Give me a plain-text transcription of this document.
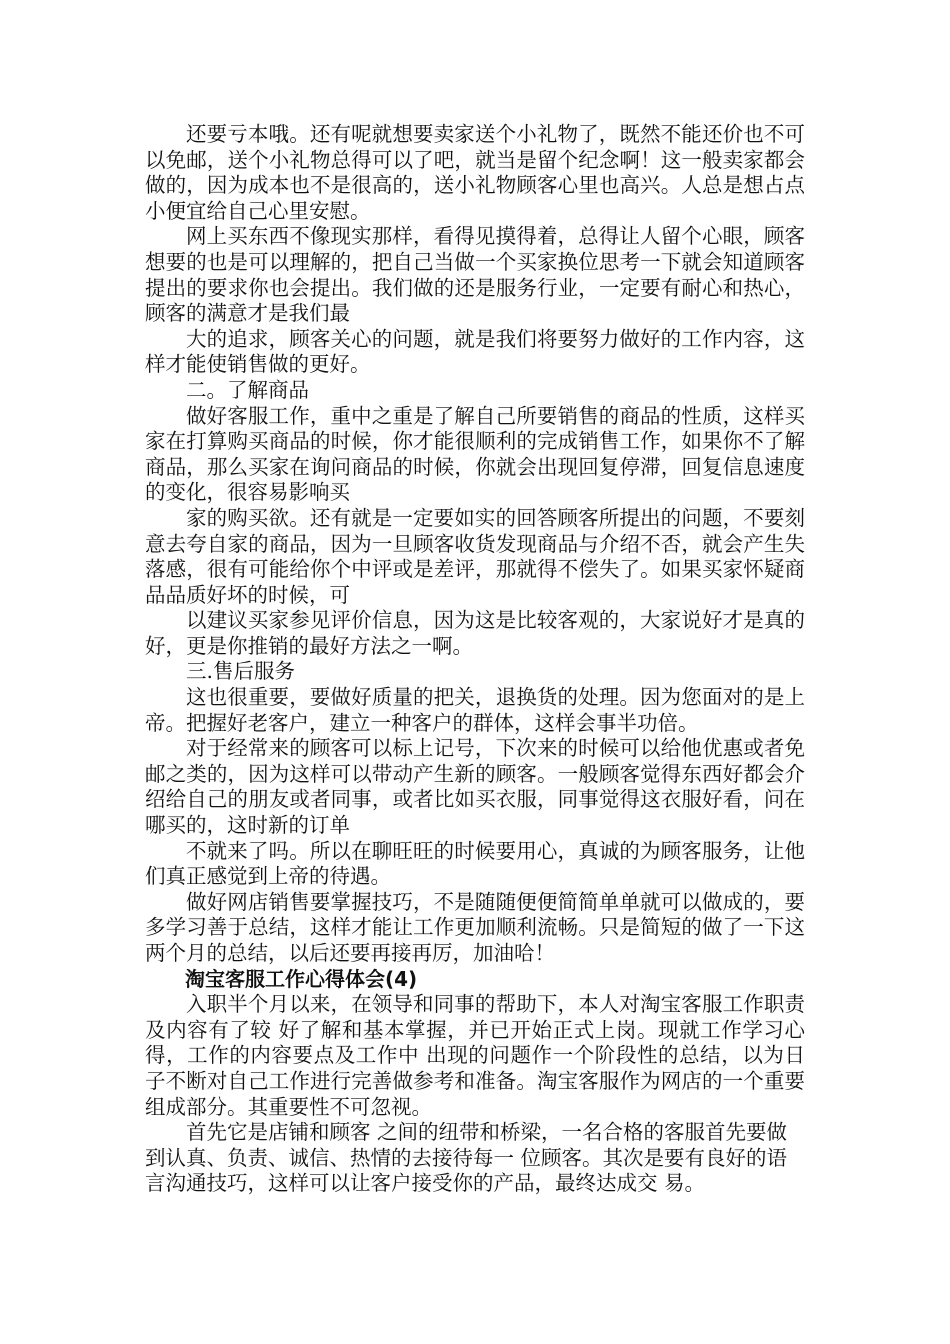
还要亏本哦。还有呢就想要卖家送个小礼物了，既然不能还价也不可以免邮，送个小礼物总得可以了吧，就当是留个纪念啊！这一般卖家都会做的，因为成本也不是很高的，送小礼物顾客心里也高兴。人总是想占点小便宜给自己心里安慰。

网上买东西不像现实那样，看得见摸得着，总得让人留个心眼，顾客想要的也是可以理解的，把自己当做一个买家换位思考一下就会知道顾客提出的要求你也会提出。我们做的还是服务行业，一定要有耐心和热心，顾客的满意才是我们最

大的追求，顾客关心的问题，就是我们将要努力做好的工作内容，这样才能使销售做的更好。

二。了解商品

做好客服工作，重中之重是了解自己所要销售的商品的性质，这样买家在打算购买商品的时候，你才能很顺利的完成销售工作，如果你不了解商品，那么买家在询问商品的时候，你就会出现回复停滞，回复信息速度的变化，很容易影响买

家的购买欲。还有就是一定要如实的回答顾客所提出的问题，不要刻意去夸自家的商品，因为一旦顾客收货发现商品与介绍不否，就会产生失落感，很有可能给你个中评或是差评，那就得不偿失了。如果买家怀疑商品品质好坏的时候，可

以建议买家参见评价信息，因为这是比较客观的，大家说好才是真的好，更是你推销的最好方法之一啊。

三.售后服务

这也很重要，要做好质量的把关，退换货的处理。因为您面对的是上帝。把握好老客户，建立一种客户的群体，这样会事半功倍。

对于经常来的顾客可以标上记号，下次来的时候可以给他优惠或者免邮之类的，因为这样可以带动产生新的顾客。一般顾客觉得东西好都会介绍给自己的朋友或者同事，或者比如买衣服，同事觉得这衣服好看，问在哪买的，这时新的订单

不就来了吗。所以在聊旺旺的时候要用心，真诚的为顾客服务，让他们真正感觉到上帝的待遇。

做好网店销售要掌握技巧，不是随随便便简简单单就可以做成的，要多学习善于总结，这样才能让工作更加顺利流畅。只是简短的做了一下这两个月的总结，以后还要再接再厉，加油哈！

淘宝客服工作心得体会(4)

入职半个月以来，在领导和同事的帮助下，本人对淘宝客服工作职责及内容有了较 好了解和基本掌握，并已开始正式上岗。现就工作学习心得，工作的内容要点及工作中 出现的问题作一个阶段性的总结，以为日子不断对自己工作进行完善做参考和准备。淘宝客服作为网店的一个重要组成部分。其重要性不可忽视。

首先它是店铺和顾客 之间的纽带和桥梁，一名合格的客服首先要做到认真、负责、诚信、热情的去接待每一 位顾客。其次是要有良好的语言沟通技巧，这样可以让客户接受你的产品，最终达成交 易。
